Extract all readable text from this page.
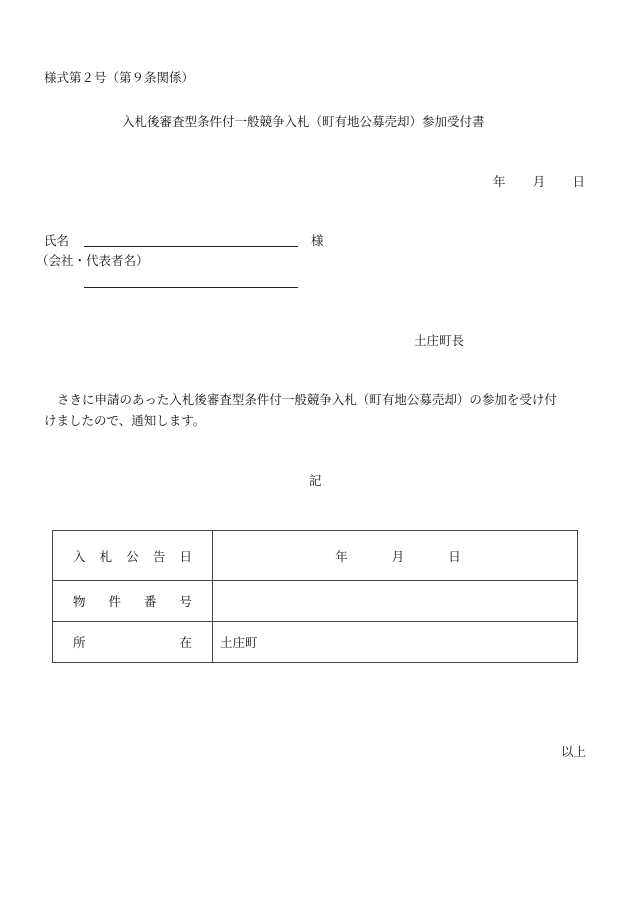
様式第２号（第９条関係）
入札後審査型条件付一般競争入札（町有地公募売却）参加受付書
年 月 日
氏名	様
（会社・代表者名）
土庄町長
さきに申請のあった入札後審査型条件付一般競争入札（町有地公募売却）の参加を受け付
けましたので、通知します。
記
入 札 公 告 日	年 月 日

物 件 番 号	

所 在	土庄町
以上
